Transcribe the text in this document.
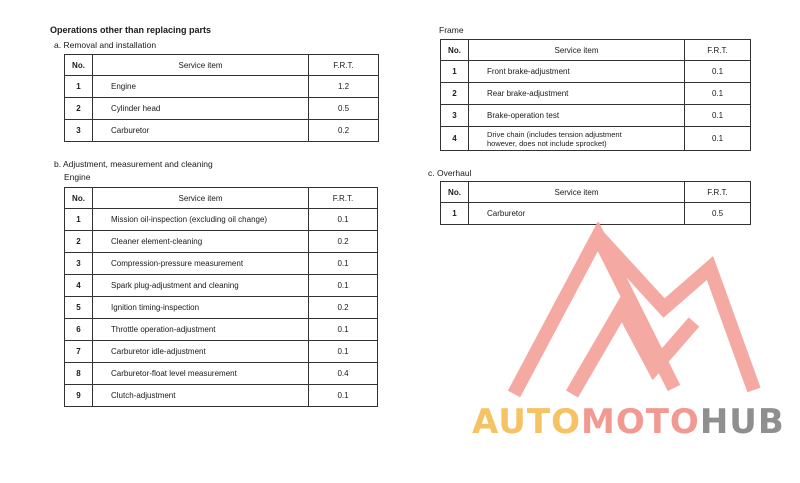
Operations other than replacing parts
a. Removal and installation
No.	Service item	F.R.T.
1	Engine	1.2
2	Cylinder head	0.5
3	Carburetor	0.2
b. Adjustment, measurement and cleaning
Engine
No.	Service item	F.R.T.
1	Mission oil-inspection (excluding oil change)	0.1
2	Cleaner element-cleaning	0.2
3	Compression-pressure measurement	0.1
4	Spark plug-adjustment and cleaning	0.1
5	Ignition timing-inspection	0.2
6	Throttle operation-adjustment	0.1
7	Carburetor idle-adjustment	0.1
8	Carburetor-float level measurement	0.4
9	Clutch-adjustment	0.1
Frame
No.	Service item	F.R.T.
1	Front brake-adjustment	0.1
2	Rear brake-adjustment	0.1
3	Brake-operation test	0.1
4	Drive chain (includes tension adjustment
however, does not include sprocket)	0.1
c. Overhaul
No.	Service item	F.R.T.
1	Carburetor	0.5
AUTOMOTOHUB
